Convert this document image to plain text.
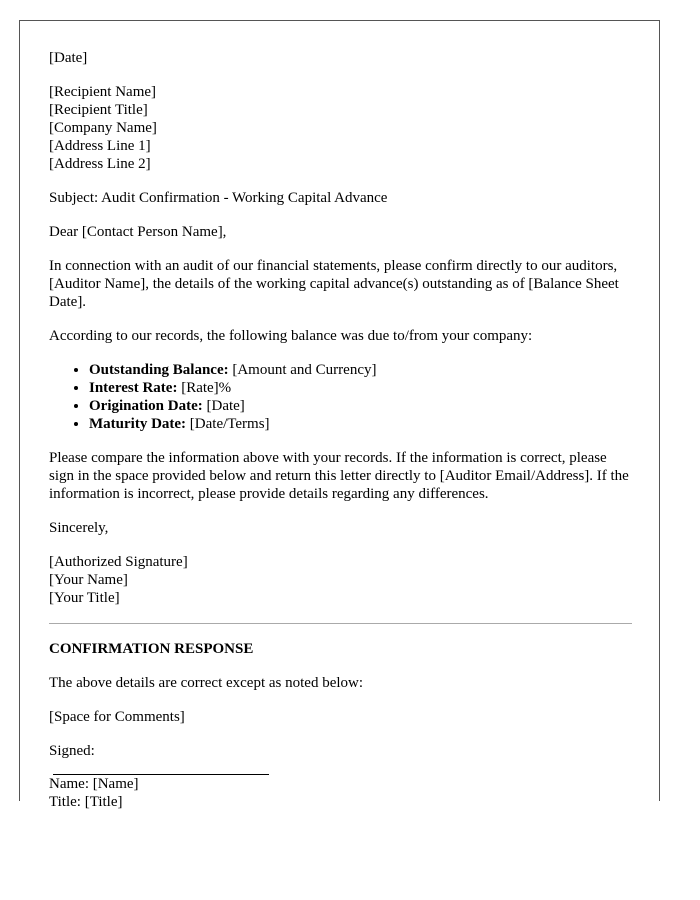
[Date]

[Recipient Name]
[Recipient Title]
[Company Name]
[Address Line 1]
[Address Line 2]

Subject: Audit Confirmation - Working Capital Advance

Dear [Contact Person Name],

In connection with an audit of our financial statements, please confirm directly to our auditors, [Auditor Name], the details of the working capital advance(s) outstanding as of [Balance Sheet Date].

According to our records, the following balance was due to/from your company:

• Outstanding Balance: [Amount and Currency]
• Interest Rate: [Rate]%
• Origination Date: [Date]
• Maturity Date: [Date/Terms]

Please compare the information above with your records. If the information is correct, please sign in the space provided below and return this letter directly to [Auditor Email/Address]. If the information is incorrect, please provide details regarding any differences.

Sincerely,

[Authorized Signature]
[Your Name]
[Your Title]

CONFIRMATION RESPONSE

The above details are correct except as noted below:

[Space for Comments]

Signed:
Name: [Name]
Title: [Title]
